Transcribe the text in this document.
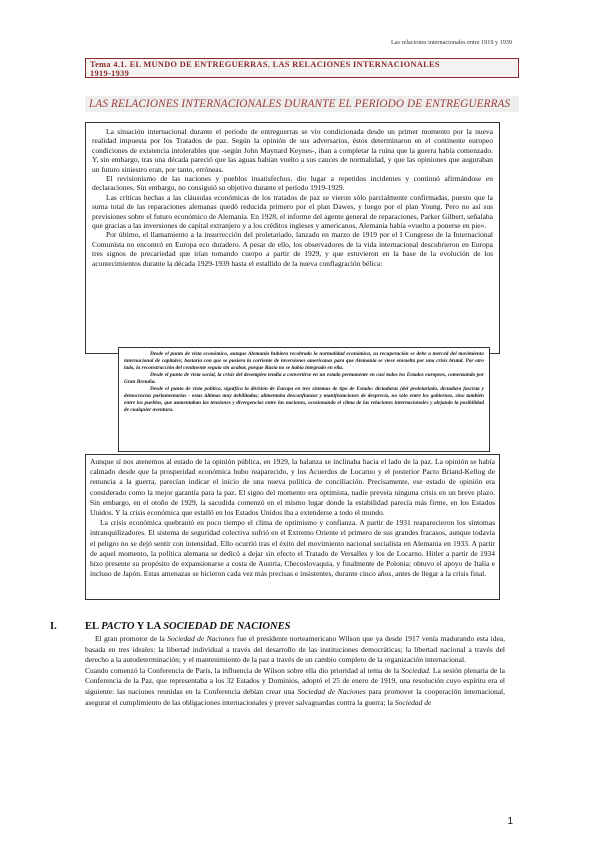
Las relaciones internacionales entre 1919 y 1939
Tema 4.1. EL MUNDO DE ENTREGUERRAS. LAS RELACIONES INTERNACIONALES
1919-1939
LAS RELACIONES INTERNACIONALES DURANTE EL PERIODO DE ENTREGUERRAS

La situación internacional durante el período de entreguerras se vio condicionada desde un primer momento por la nueva realidad impuesta por los Tratados de paz. Según la opinión de sus adversarios, éstos determinaron en el continente europeo condiciones de existencia intolerables que -según John Maynard Keynes-, iban a completar la ruina que la guerra había comenzado. Y, sin embargo, tras una década pareció que las aguas habían vuelto a sus cauces de normalidad, y que las opiniones que auguraban un futuro siniestro eran, por tanto, erróneas.

El revisionismo de las naciones y pueblos insatisfechos, dio lugar a repetidos incidentes y continuó afirmándose en declaraciones. Sin embargo, no consiguió su objetivo durante el período 1919-1929.

Las críticas hechas a las cláusulas económicas de los tratados de paz se vieron sólo parcialmente confirmadas, puesto que la suma total de las reparaciones alemanas quedó reducida primero por el plan Dawes, y luego por el plan Young. Pero no así sus previsiones sobre el futuro económico de Alemania. En 1928, el informe del agente general de reparaciones, Parker Gilbert, señalaba que gracias a las inversiones de capital extranjero y a los créditos ingleses y americanos, Alemania había «vuelto a ponerse en pie».

Por último, el llamamiento a la insurrección del proletariado, lanzado en marzo de 1919 por el I Congreso de la Internacional Comunista no encontró en Europa eco duradero. A pesar de ello, los observadores de la vida internacional descubrieron en Europa tres signos de precariedad que irían tomando cuerpo a partir de 1929, y que estuvieron en la base de la evolución de los acontecimientos durante la década 1929-1939 hasta el estallido de la nueva conflagración bélica:

Desde el punto de vista económico, aunque Alemania hubiera recobrado la normalidad económica, su recuperación se debe a merced del movimiento internacional de capitales; bastaría con que se pusiera la corriente de inversiones americanas para que Alemania se viese envuelta por una crisis brutal. Por otro lado, la reconstrucción del continente seguía sin acabar, porque Rusia no se había integrado en ella.

Desde el punto de vista social, la crisis del desempleo tendía a convertirse en un estado permanente en casi todos los Estados europeos, comenzando por Gran Bretaña.

Desde el punto de vista político, significa la división de Europa en tres sistemas de tipo de Estado: dictaduras (del proletariado, dictadura fascista y democracias parlamentarias - estas últimas muy debilitadas; alimentaba desconfianzas y manifestaciones de desprecio, no sólo entre los gobiernos, sino también entre los pueblos, que aumentaban las tensiones y divergencias entre las naciones, ocasionando el clima de las relaciones internacionales y alejando la posibilidad de cualquier aventura.

Aunque sí nos atenemos al estado de la opinión pública, en 1929, la balanza se inclinaba hacia el lado de la paz. La opinión se había calmado desde que la prosperidad económica hubo reaparecido, y los Acuerdos de Locarno y el posterior Pacto Briand-Kellog de renuncia a la guerra, parecían indicar el inicio de una nueva política de conciliación. Precisamente, ese estado de opinión era considerado como la mejor garantía para la paz. El signo del momento era optimista, nadie preveía ninguna crisis en un breve plazo. Sin embargo, en el otoño de 1929, la sacudida comenzó en el mismo lugar donde la estabilidad parecía más firme, en los Estados Unidos. Y la crisis económica que estalló en los Estados Unidos iba a extenderse a todo el mundo.

La crisis económica quebrantó en poco tiempo el clima de optimismo y confianza. A partir de 1931 reaparecieron los síntomas intranquilizadores. El sistema de seguridad colectiva sufrió en el Extremo Oriente el primero de sus grandes fracasos, aunque todavía el peligro no se dejó sentir con intensidad. Ello ocurrió tras el éxito del movimiento nacional socialista en Alemania en 1933. A partir de aquel momento, la política alemana se dedicó a dejar sin efecto el Tratado de Versalles y los de Locarno. Hitler a partir de 1934 hizo presente su propósito de expansionarse a costa de Austria, Checoslovaquia, y finalmente de Polonia; obtuvo el apoyo de Italia e incluso de Japón. Estas amenazas se hicieron cada vez más precisas e insistentes, durante cinco años, antes de llegar a la crisis final.

I.	EL PACTO Y LA SOCIEDAD DE NACIONES

El gran promotor de la Sociedad de Naciones fue el presidente norteamericano Wilson que ya desde 1917 venía madurando esta idea, basada en tres ideales: la libertad individual a través del desarrollo de las instituciones democráticas; la libertad nacional a través del derecho a la autodeterminación; y el mantenimiento de la paz a través de un cambio completo de la organización internacional.

Cuando comenzó la Conferencia de París, la influencia de Wilson sobre ella dio prioridad al tema de la Sociedad. La sesión plenaria de la Conferencia de la Paz, que representaba a los 32 Estados y Dominios, adoptó el 25 de enero de 1919, una resolución cuyo espíritu era el siguiente: las naciones reunidas en la Conferencia debían crear una Sociedad de Naciones para promover la cooperación internacional, asegurar el cumplimiento de las obligaciones internacionales y prever salvaguardas contra la guerra; la Sociedad de

1
